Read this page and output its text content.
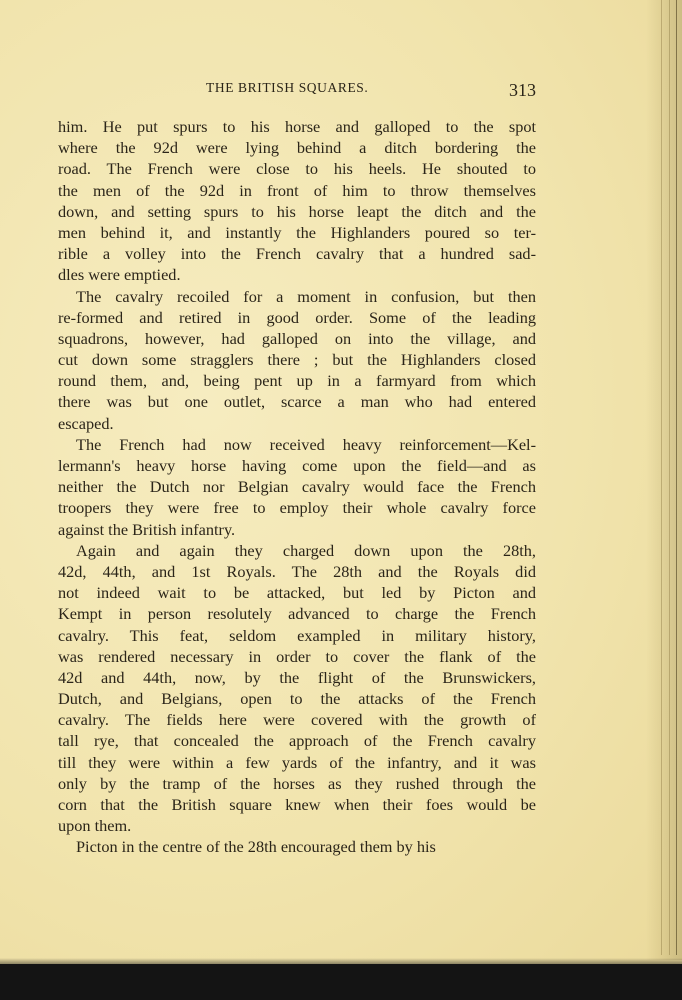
THE BRITISH SQUARES.	313
him. He put spurs to his horse and galloped to the spot
where the 92d were lying behind a ditch bordering the
road. The French were close to his heels. He shouted to
the men of the 92d in front of him to throw themselves
down, and setting spurs to his horse leapt the ditch and the
men behind it, and instantly the Highlanders poured so ter-
rible a volley into the French cavalry that a hundred sad-
dles were emptied.
The cavalry recoiled for a moment in confusion, but then
re-formed and retired in good order. Some of the leading
squadrons, however, had galloped on into the village, and
cut down some stragglers there ; but the Highlanders closed
round them, and, being pent up in a farmyard from which
there was but one outlet, scarce a man who had entered
escaped.
The French had now received heavy reinforcement—Kel-
lermann's heavy horse having come upon the field—and as
neither the Dutch nor Belgian cavalry would face the French
troopers they were free to employ their whole cavalry force
against the British infantry.
Again and again they charged down upon the 28th,
42d, 44th, and 1st Royals. The 28th and the Royals did
not indeed wait to be attacked, but led by Picton and
Kempt in person resolutely advanced to charge the French
cavalry. This feat, seldom exampled in military history,
was rendered necessary in order to cover the flank of the
42d and 44th, now, by the flight of the Brunswickers,
Dutch, and Belgians, open to the attacks of the French
cavalry. The fields here were covered with the growth of
tall rye, that concealed the approach of the French cavalry
till they were within a few yards of the infantry, and it was
only by the tramp of the horses as they rushed through the
corn that the British square knew when their foes would be
upon them.
Picton in the centre of the 28th encouraged them by his
